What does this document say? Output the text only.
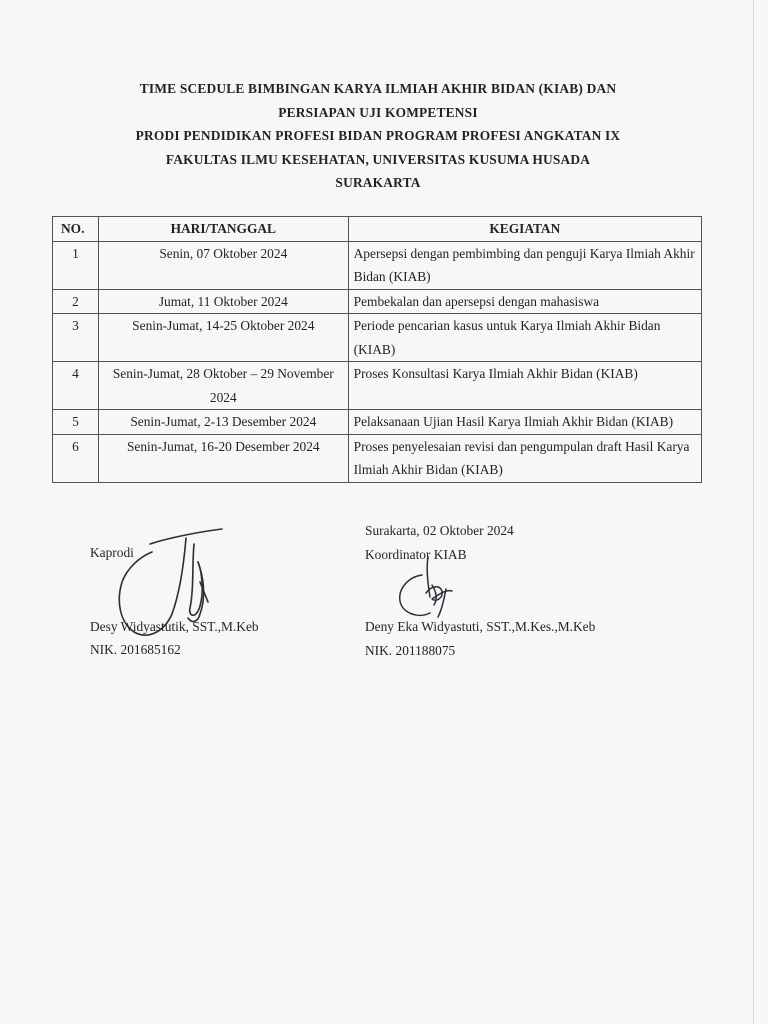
TIME SCEDULE BIMBINGAN KARYA ILMIAH AKHIR BIDAN (KIAB) DAN
PERSIAPAN UJI KOMPETENSI
PRODI PENDIDIKAN PROFESI BIDAN PROGRAM PROFESI ANGKATAN IX
FAKULTAS ILMU KESEHATAN, UNIVERSITAS KUSUMA HUSADA
SURAKARTA
NO.	HARI/TANGGAL	KEGIATAN
1	Senin, 07 Oktober 2024	Apersepsi dengan pembimbing dan penguji Karya Ilmiah Akhir Bidan (KIAB)
2	Jumat, 11 Oktober 2024	Pembekalan dan apersepsi dengan mahasiswa
3	Senin-Jumat, 14-25 Oktober 2024	Periode pencarian kasus untuk Karya Ilmiah Akhir Bidan (KIAB)
4	Senin-Jumat, 28 Oktober – 29 November 2024	Proses Konsultasi Karya Ilmiah Akhir Bidan (KIAB)
5	Senin-Jumat, 2-13 Desember 2024	Pelaksanaan Ujian Hasil Karya Ilmiah Akhir Bidan (KIAB)
6	Senin-Jumat, 16-20 Desember 2024	Proses penyelesaian revisi dan pengumpulan draft Hasil Karya Ilmiah Akhir Bidan (KIAB)
Kaprodi
Desy Widyastutik, SST.,M.Keb
NIK. 201685162
Surakarta, 02 Oktober 2024
Koordinator KIAB
Deny Eka Widyastuti, SST.,M.Kes.,M.Keb
NIK. 201188075
